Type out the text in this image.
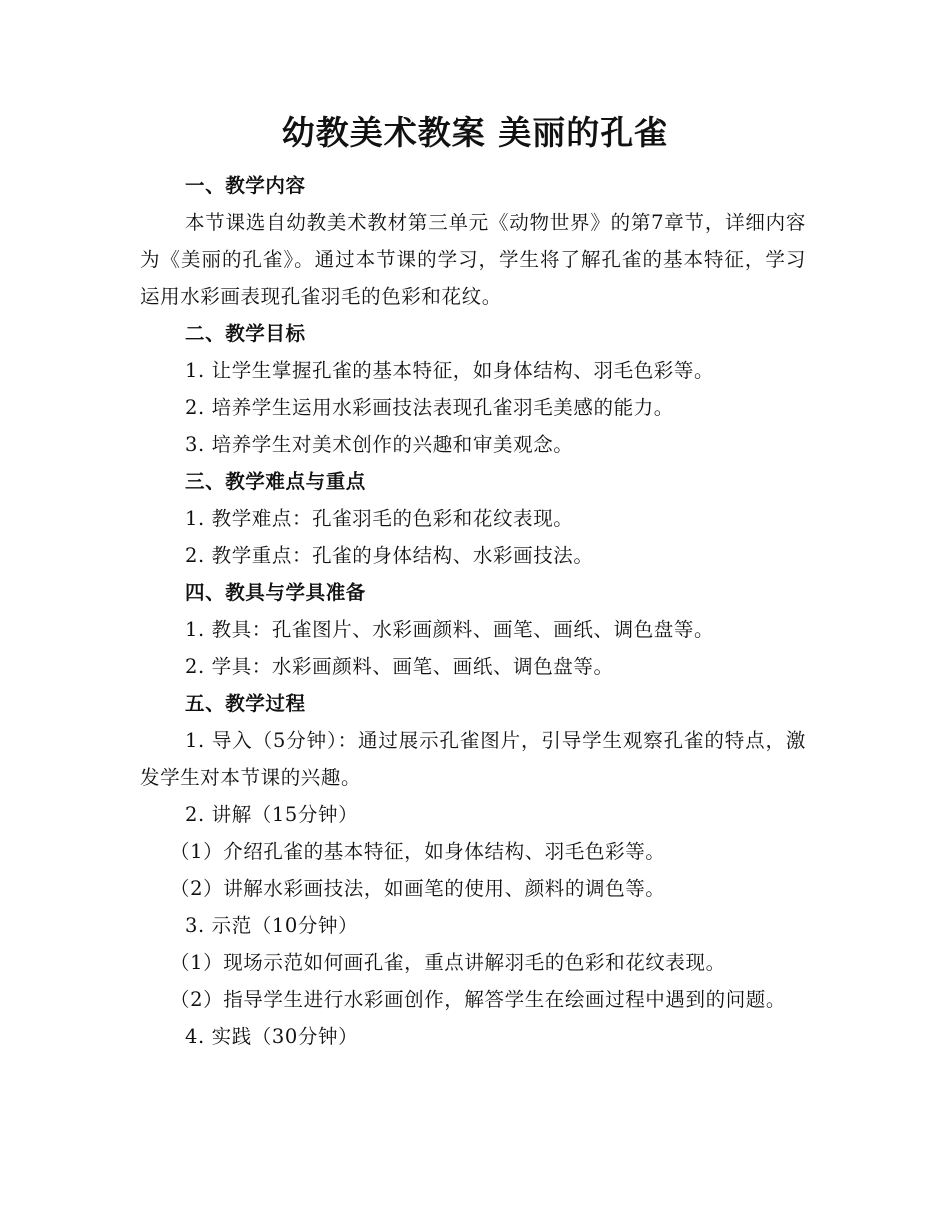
幼教美术教案 美丽的孔雀
一、教学内容
本节课选自幼教美术教材第三单元《动物世界》的第7章节，详细内容为《美丽的孔雀》。通过本节课的学习，学生将了解孔雀的基本特征，学习运用水彩画表现孔雀羽毛的色彩和花纹。
二、教学目标
1. 让学生掌握孔雀的基本特征，如身体结构、羽毛色彩等。
2. 培养学生运用水彩画技法表现孔雀羽毛美感的能力。
3. 培养学生对美术创作的兴趣和审美观念。
三、教学难点与重点
1. 教学难点：孔雀羽毛的色彩和花纹表现。
2. 教学重点：孔雀的身体结构、水彩画技法。
四、教具与学具准备
1. 教具：孔雀图片、水彩画颜料、画笔、画纸、调色盘等。
2. 学具：水彩画颜料、画笔、画纸、调色盘等。
五、教学过程
1. 导入（5分钟）：通过展示孔雀图片，引导学生观察孔雀的特点，激发学生对本节课的兴趣。
2. 讲解（15分钟）
（1）介绍孔雀的基本特征，如身体结构、羽毛色彩等。
（2）讲解水彩画技法，如画笔的使用、颜料的调色等。
3. 示范（10分钟）
（1）现场示范如何画孔雀，重点讲解羽毛的色彩和花纹表现。
（2）指导学生进行水彩画创作，解答学生在绘画过程中遇到的问题。
4. 实践（30分钟）
